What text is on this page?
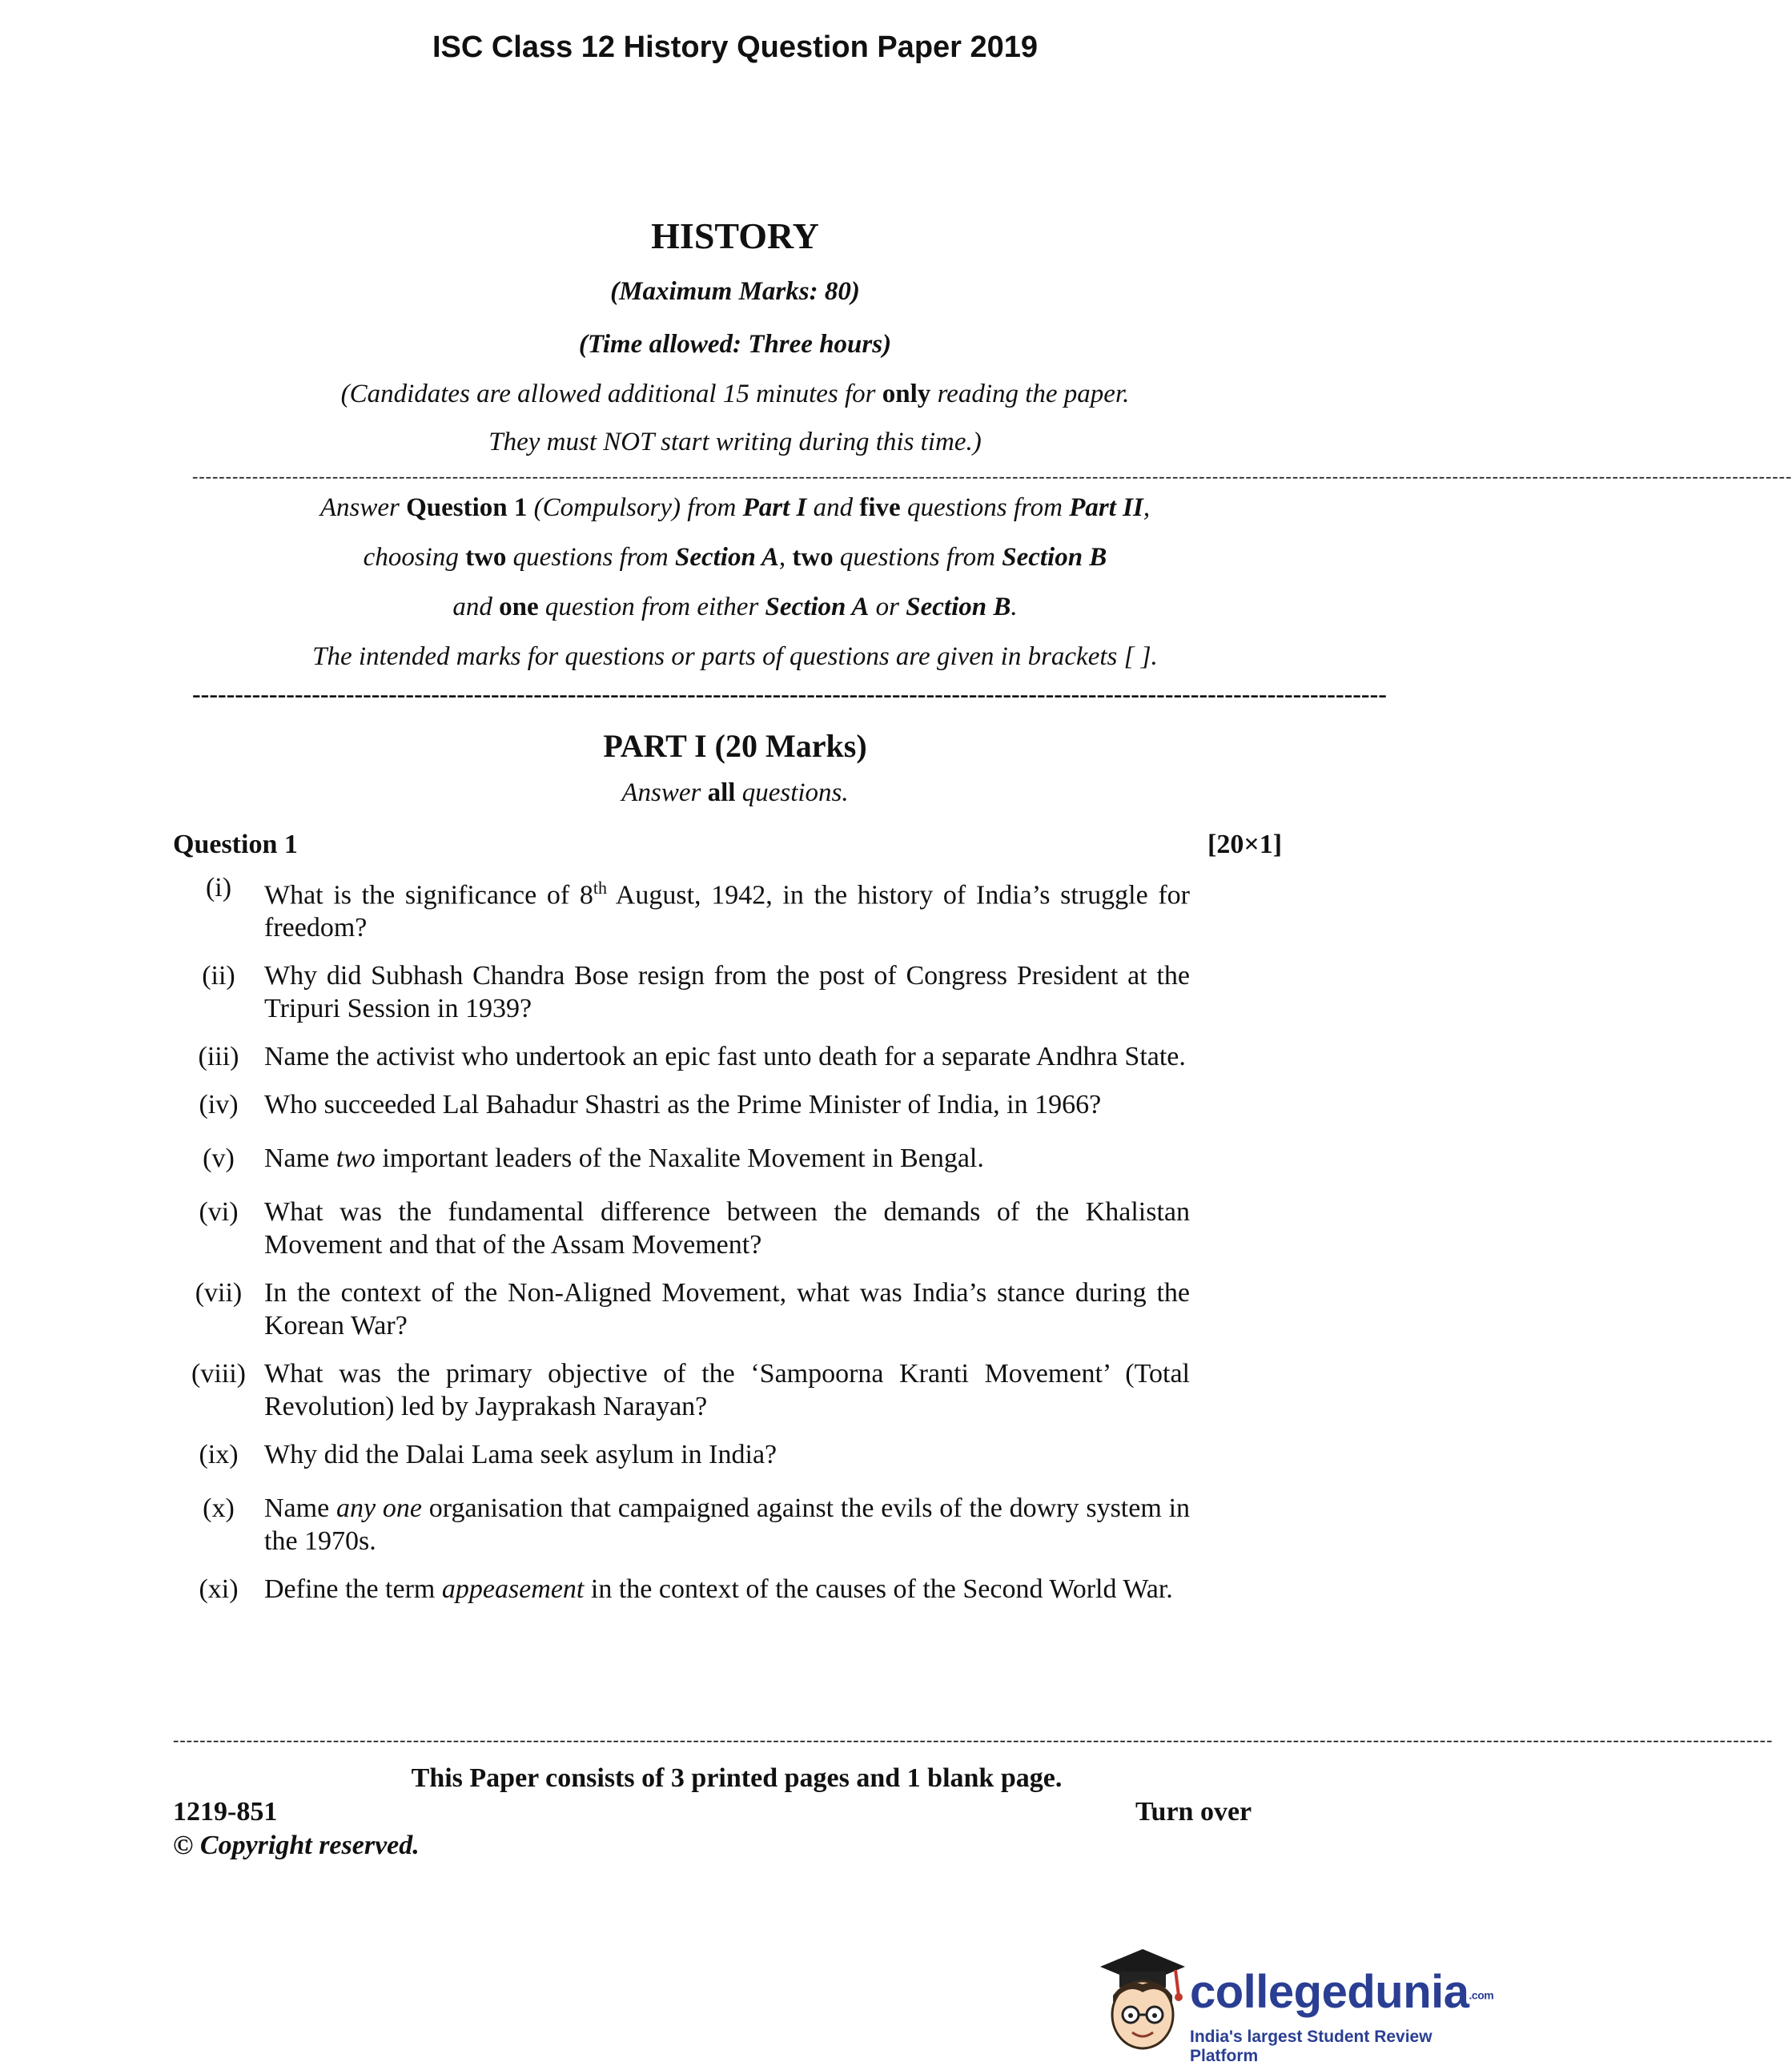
ISC Class 12 History Question Paper 2019
HISTORY
(Maximum Marks: 80)
(Time allowed: Three hours)
(Candidates are allowed additional 15 minutes for only reading the paper.
They must NOT start writing during this time.)
------------------------------------------------------------------------------------------------------------------------------------------------------------------------------------------------------------------------------------------------
Answer Question 1 (Compulsory) from Part I and five questions from Part II,
choosing two questions from Section A, two questions from Section B
and one question from either Section A or Section B.
The intended marks for questions or parts of questions are given in brackets [ ].
--------------------------------------------------------------------------------------------------------------------------------------------
PART I (20 Marks)
Answer all questions.
Question 1	[20×1]
(i)	What is the significance of 8th August, 1942, in the history of India’s struggle for freedom?
(ii)	Why did Subhash Chandra Bose resign from the post of Congress President at the Tripuri Session in 1939?
(iii) Name the activist who undertook an epic fast unto death for a separate Andhra State.
(iv) Who succeeded Lal Bahadur Shastri as the Prime Minister of India, in 1966?
(v)	Name two important leaders of the Naxalite Movement in Bengal.
(vi) What was the fundamental difference between the demands of the Khalistan Movement and that of the Assam Movement?
(vii) In the context of the Non-Aligned Movement, what was India’s stance during the Korean War?
(viii) What was the primary objective of the ‘Sampoorna Kranti Movement’ (Total Revolution) led by Jayprakash Narayan?
(ix) Why did the Dalai Lama seek asylum in India?
(x)	Name any one organisation that campaigned against the evils of the dowry system in the 1970s.
(xi) Define the term appeasement in the context of the causes of the Second World War.
------------------------------------------------------------------------------------------------------------------------------------------------------------------------------------------------------------------------------------------------
This Paper consists of 3 printed pages and 1 blank page.
1219-851	Turn over
© Copyright reserved.
collegedunia.com
India's largest Student Review Platform
